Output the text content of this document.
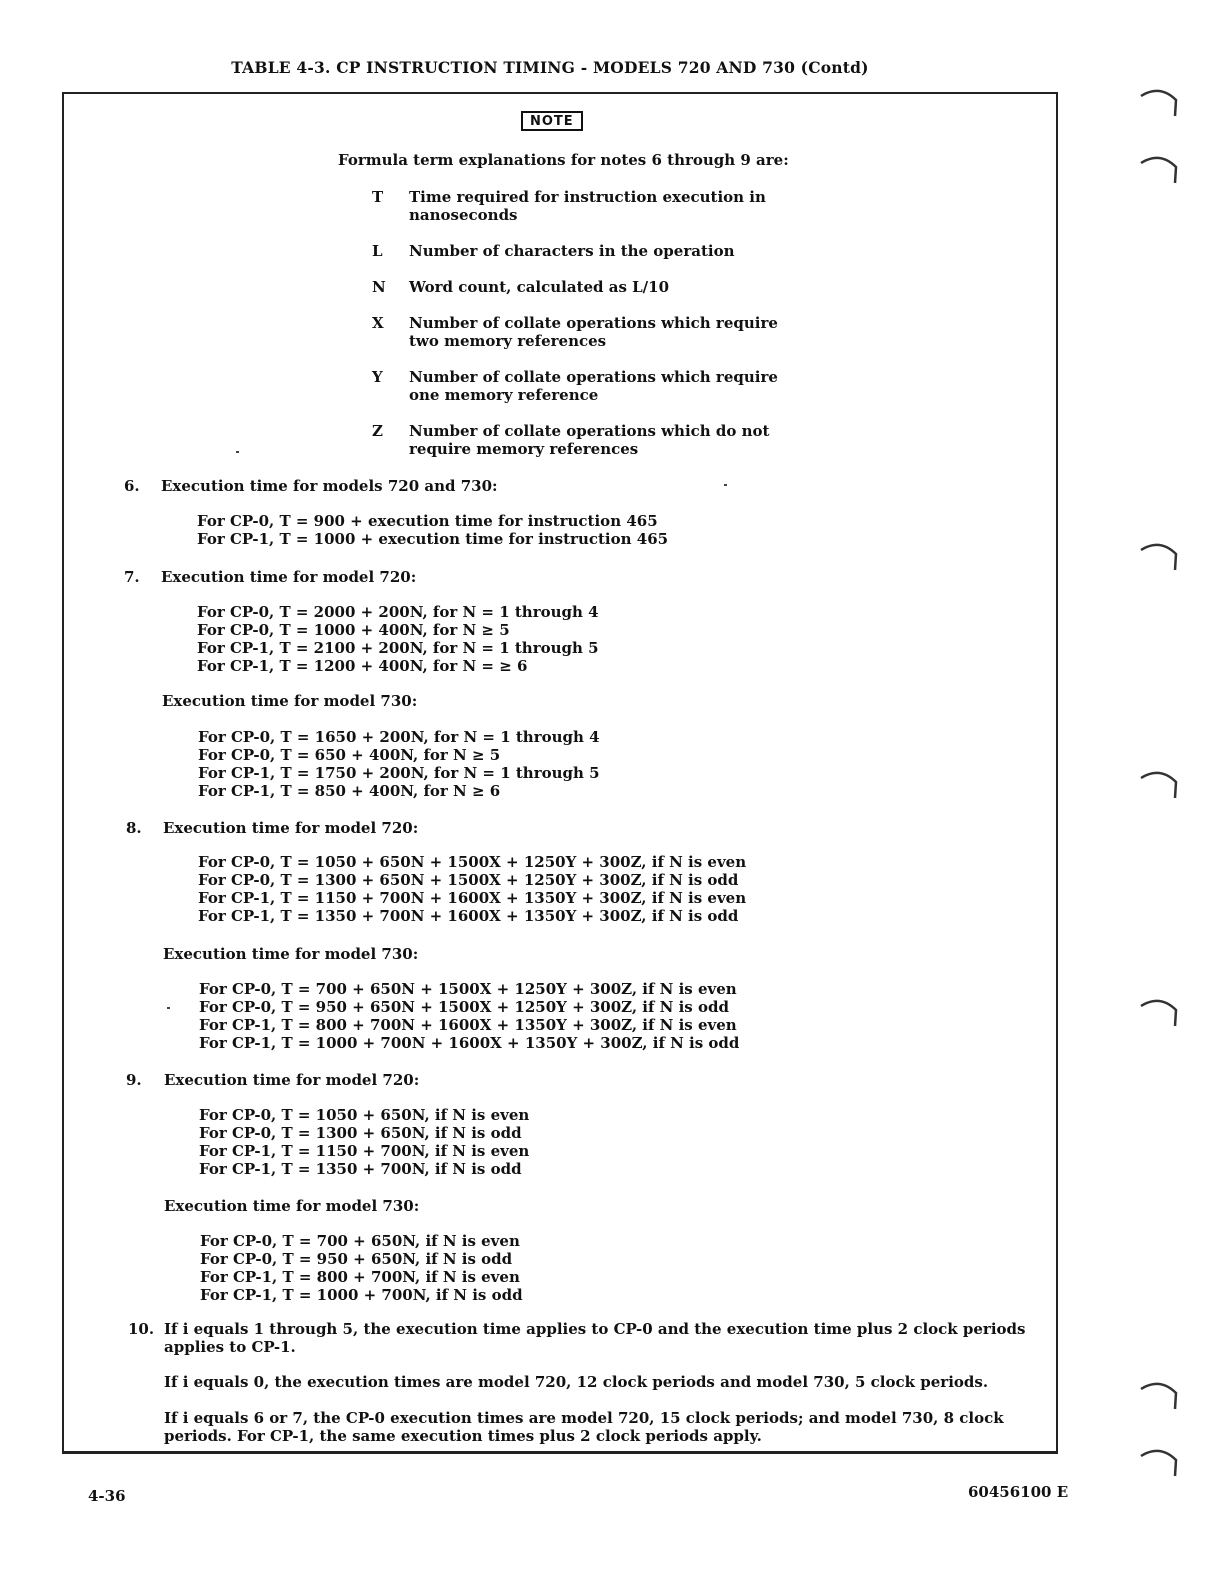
TABLE 4-3. CP INSTRUCTION TIMING - MODELS 720 AND 730 (Contd)
NOTE
Formula term explanations for notes 6 through 9 are:
T Time required for instruction execution in nanoseconds
L Number of characters in the operation
N Word count, calculated as L/10
X Number of collate operations which require two memory references
Y Number of collate operations which require one memory reference
Z Number of collate operations which do not require memory references
6. Execution time for models 720 and 730:
For CP-0, T = 900 + execution time for instruction 465
For CP-1, T = 1000 + execution time for instruction 465
7. Execution time for model 720:
For CP-0, T = 2000 + 200N, for N = 1 through 4
For CP-0, T = 1000 + 400N, for N ≥ 5
For CP-1, T = 2100 + 200N, for N = 1 through 5
For CP-1, T = 1200 + 400N, for N = ≥ 6
Execution time for model 730:
For CP-0, T = 1650 + 200N, for N = 1 through 4
For CP-0, T = 650 + 400N, for N ≥ 5
For CP-1, T = 1750 + 200N, for N = 1 through 5
For CP-1, T = 850 + 400N, for N ≥ 6
8. Execution time for model 720:
For CP-0, T = 1050 + 650N + 1500X + 1250Y + 300Z, if N is even
For CP-0, T = 1300 + 650N + 1500X + 1250Y + 300Z, if N is odd
For CP-1, T = 1150 + 700N + 1600X + 1350Y + 300Z, if N is even
For CP-1, T = 1350 + 700N + 1600X + 1350Y + 300Z, if N is odd
Execution time for model 730:
For CP-0, T = 700 + 650N + 1500X + 1250Y + 300Z, if N is even
For CP-0, T = 950 + 650N + 1500X + 1250Y + 300Z, if N is odd
For CP-1, T = 800 + 700N + 1600X + 1350Y + 300Z, if N is even
For CP-1, T = 1000 + 700N + 1600X + 1350Y + 300Z, if N is odd
9. Execution time for model 720:
For CP-0, T = 1050 + 650N, if N is even
For CP-0, T = 1300 + 650N, if N is odd
For CP-1, T = 1150 + 700N, if N is even
For CP-1, T = 1350 + 700N, if N is odd
Execution time for model 730:
For CP-0, T = 700 + 650N, if N is even
For CP-0, T = 950 + 650N, if N is odd
For CP-1, T = 800 + 700N, if N is even
For CP-1, T = 1000 + 700N, if N is odd
10. If i equals 1 through 5, the execution time applies to CP-0 and the execution time plus 2 clock periods applies to CP-1.
If i equals 0, the execution times are model 720, 12 clock periods and model 730, 5 clock periods.
If i equals 6 or 7, the CP-0 execution times are model 720, 15 clock periods; and model 730, 8 clock periods. For CP-1, the same execution times plus 2 clock periods apply.
4-36	60456100 E
